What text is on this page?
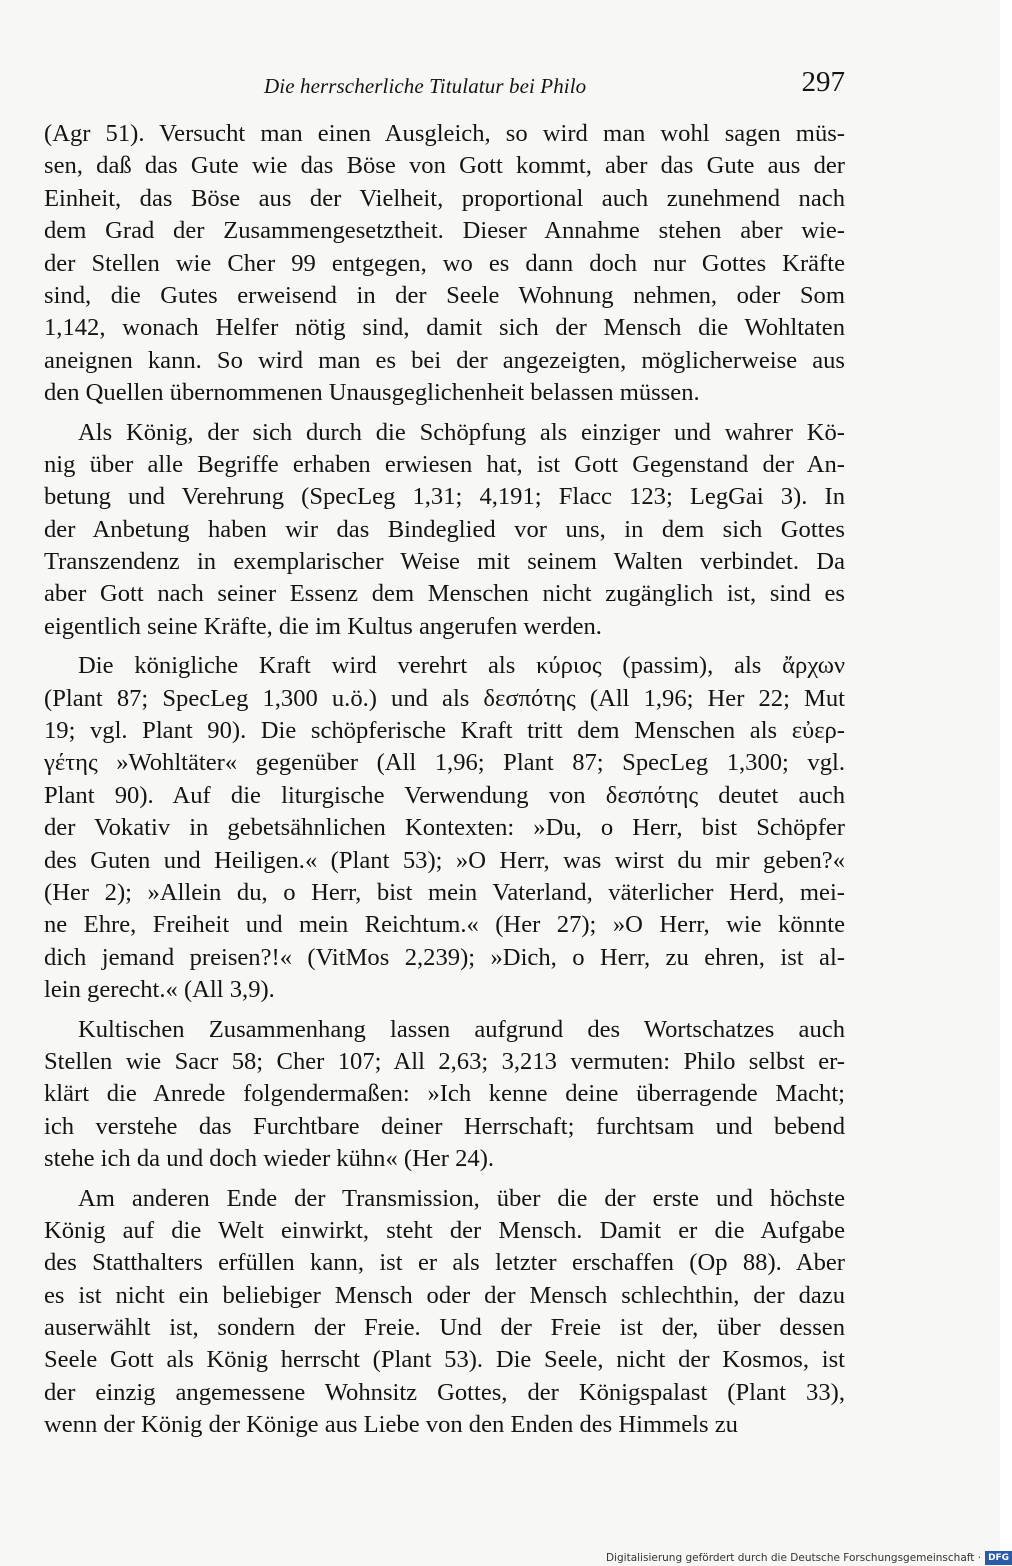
Die herrscherliche Titulatur bei Philo	297
(Agr 51). Versucht man einen Ausgleich, so wird man wohl sagen müs-
sen, daß das Gute wie das Böse von Gott kommt, aber das Gute aus der
Einheit, das Böse aus der Vielheit, proportional auch zunehmend nach
dem Grad der Zusammengesetztheit. Dieser Annahme stehen aber wie-
der Stellen wie Cher 99 entgegen, wo es dann doch nur Gottes Kräfte
sind, die Gutes erweisend in der Seele Wohnung nehmen, oder Som
1,142, wonach Helfer nötig sind, damit sich der Mensch die Wohltaten
aneignen kann. So wird man es bei der angezeigten, möglicherweise aus
den Quellen übernommenen Unausgeglichenheit belassen müssen.
Als König, der sich durch die Schöpfung als einziger und wahrer Kö-
nig über alle Begriffe erhaben erwiesen hat, ist Gott Gegenstand der An-
betung und Verehrung (SpecLeg 1,31; 4,191; Flacc 123; LegGai 3). In
der Anbetung haben wir das Bindeglied vor uns, in dem sich Gottes
Transzendenz in exemplarischer Weise mit seinem Walten verbindet. Da
aber Gott nach seiner Essenz dem Menschen nicht zugänglich ist, sind es
eigentlich seine Kräfte, die im Kultus angerufen werden.
Die königliche Kraft wird verehrt als κύριος (passim), als ἄρχων
(Plant 87; SpecLeg 1,300 u.ö.) und als δεσπότης (All 1,96; Her 22; Mut
19; vgl. Plant 90). Die schöpferische Kraft tritt dem Menschen als εὐερ-
γέτης »Wohltäter« gegenüber (All 1,96; Plant 87; SpecLeg 1,300; vgl.
Plant 90). Auf die liturgische Verwendung von δεσπότης deutet auch
der Vokativ in gebetsähnlichen Kontexten: »Du, o Herr, bist Schöpfer
des Guten und Heiligen.« (Plant 53); »O Herr, was wirst du mir geben?«
(Her 2); »Allein du, o Herr, bist mein Vaterland, väterlicher Herd, mei-
ne Ehre, Freiheit und mein Reichtum.« (Her 27); »O Herr, wie könnte
dich jemand preisen?!« (VitMos 2,239); »Dich, o Herr, zu ehren, ist al-
lein gerecht.« (All 3,9).
Kultischen Zusammenhang lassen aufgrund des Wortschatzes auch
Stellen wie Sacr 58; Cher 107; All 2,63; 3,213 vermuten: Philo selbst er-
klärt die Anrede folgendermaßen: »Ich kenne deine überragende Macht;
ich verstehe das Furchtbare deiner Herrschaft; furchtsam und bebend
stehe ich da und doch wieder kühn« (Her 24).
Am anderen Ende der Transmission, über die der erste und höchste
König auf die Welt einwirkt, steht der Mensch. Damit er die Aufgabe
des Statthalters erfüllen kann, ist er als letzter erschaffen (Op 88). Aber
es ist nicht ein beliebiger Mensch oder der Mensch schlechthin, der dazu
auserwählt ist, sondern der Freie. Und der Freie ist der, über dessen
Seele Gott als König herrscht (Plant 53). Die Seele, nicht der Kosmos, ist
der einzig angemessene Wohnsitz Gottes, der Königspalast (Plant 33),
wenn der König der Könige aus Liebe von den Enden des Himmels zu
Digitalisierung gefördert durch die Deutsche Forschungsgemeinschaft · DFG
